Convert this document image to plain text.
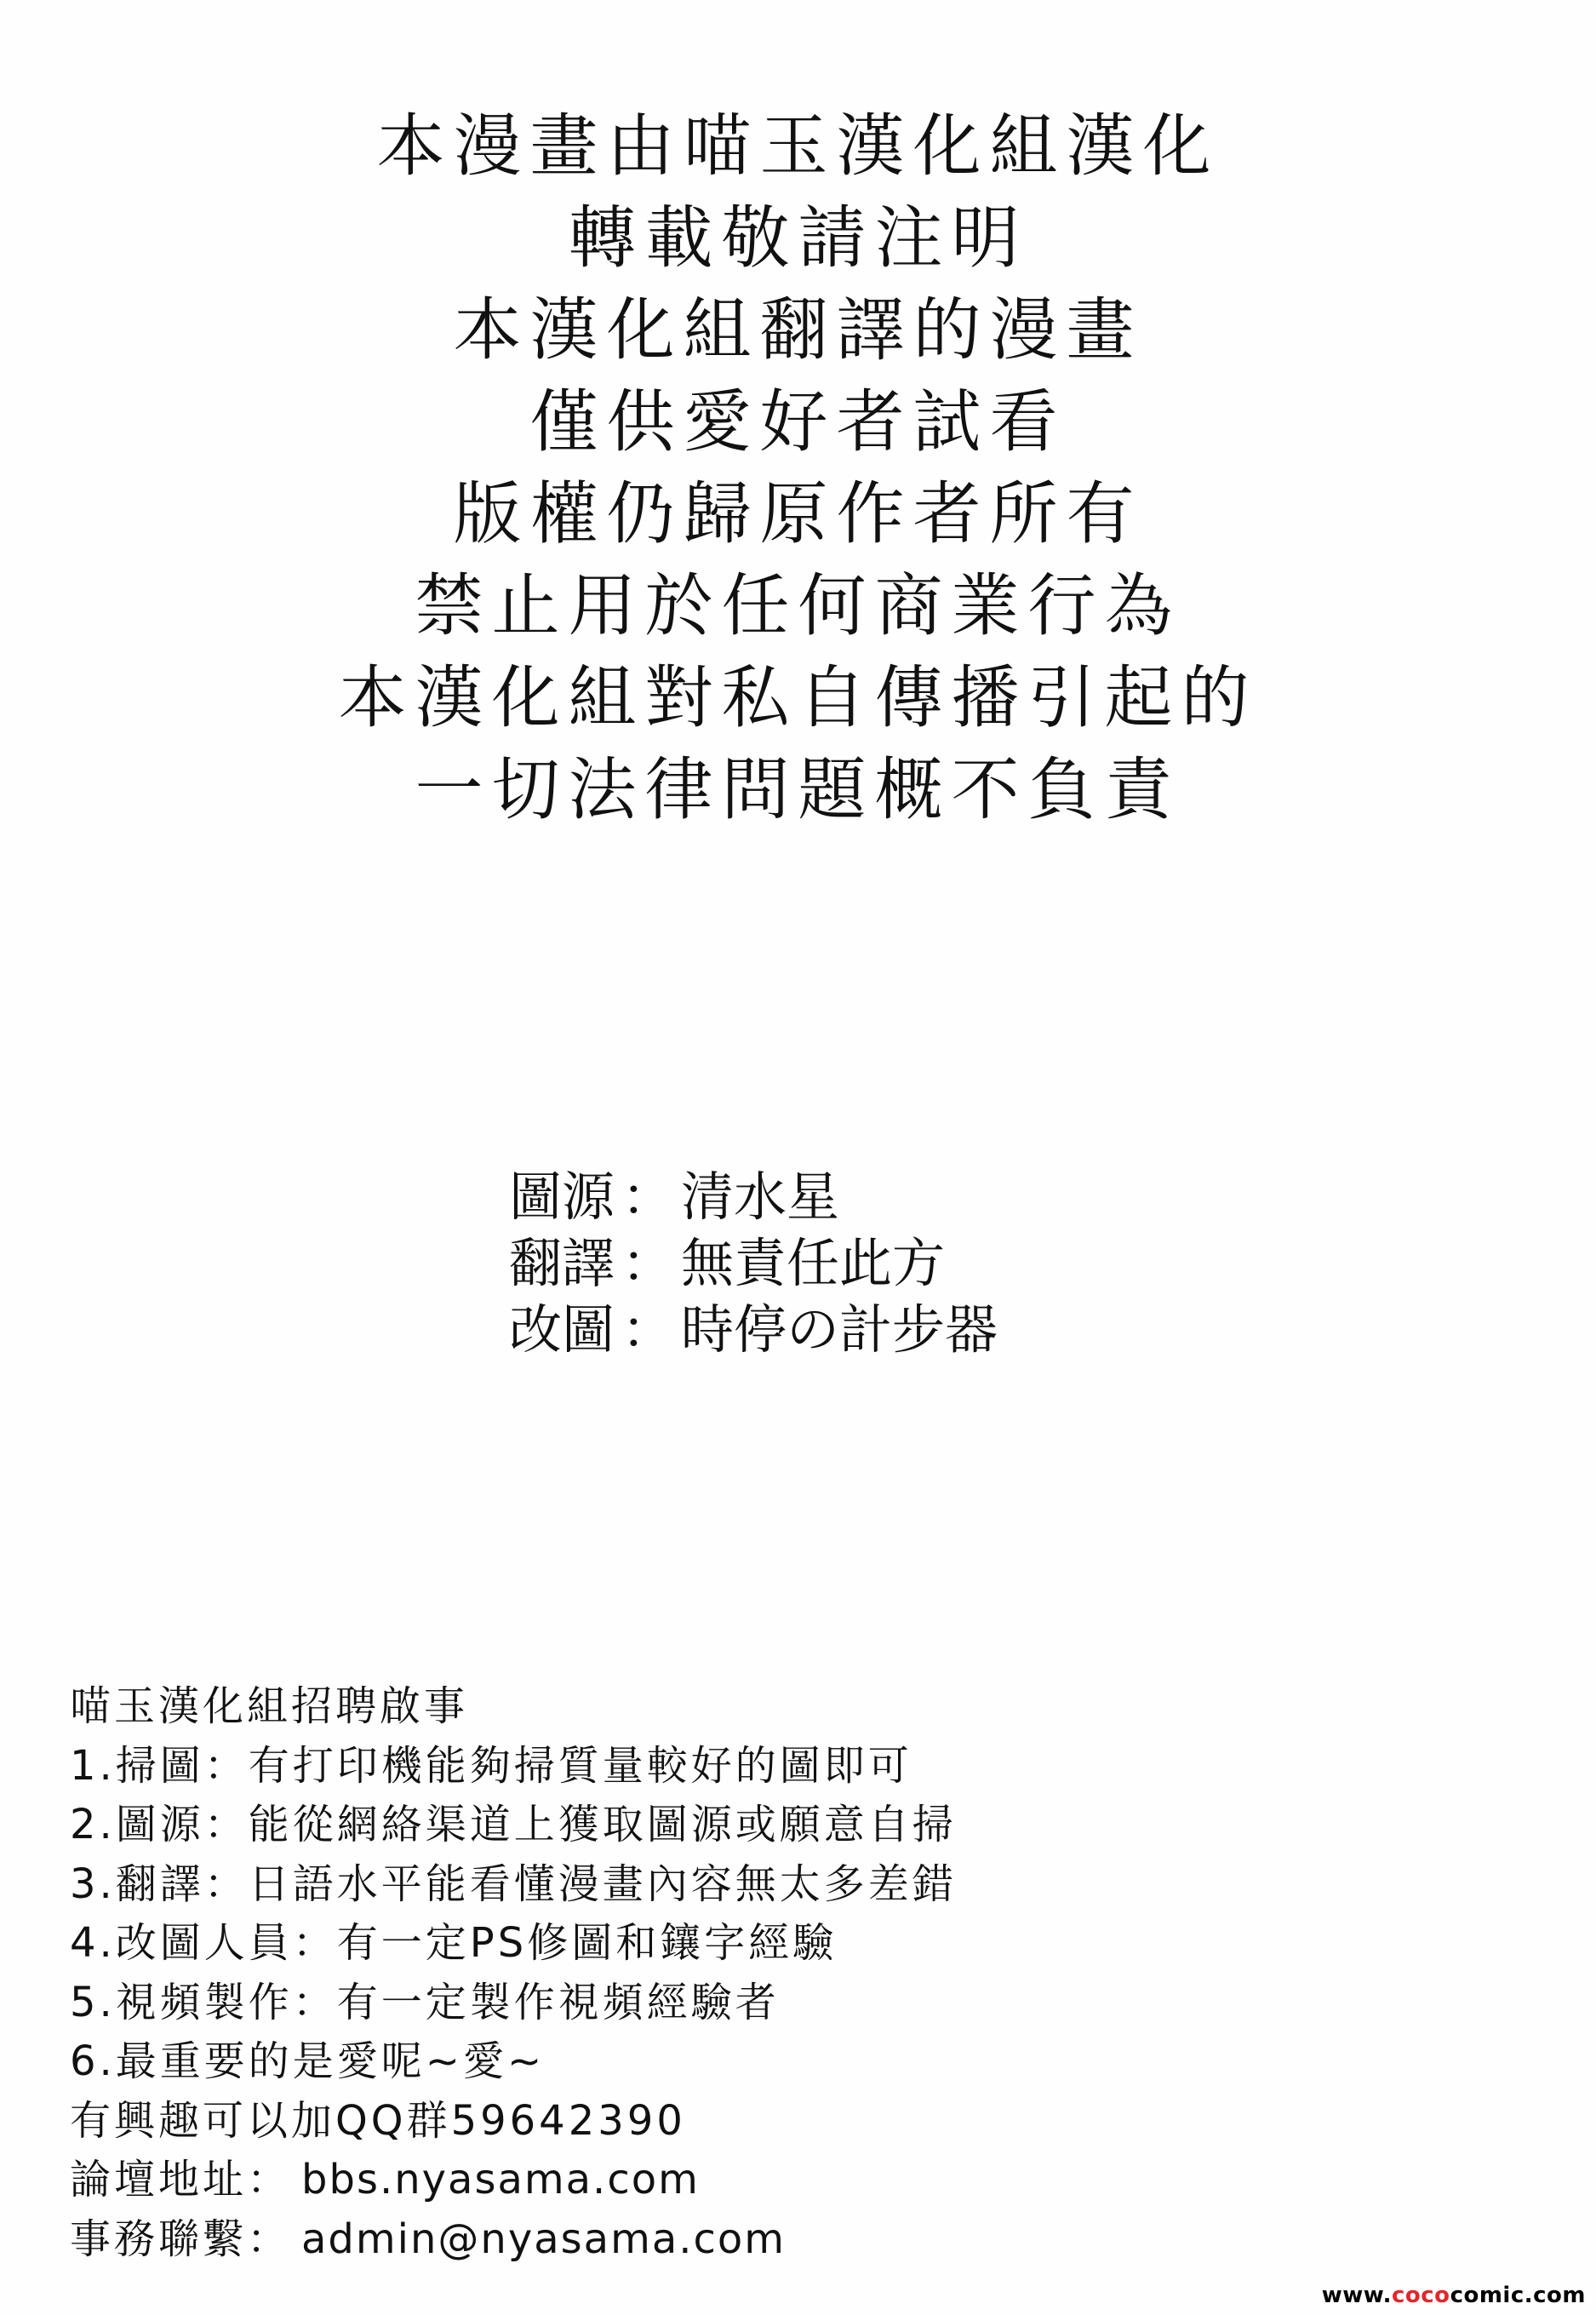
本漫畫由喵玉漢化組漢化
轉載敬請注明
本漢化組翻譯的漫畫
僅供愛好者試看
版權仍歸原作者所有
禁止用於任何商業行為
本漢化組對私自傳播引起的
一切法律問題概不負責
圖源 ： 清水星
翻譯 ： 無責任此方
改圖 ： 時停の計步器
喵玉漢化組招聘啟事
1.掃圖：有打印機能夠掃質量較好的圖即可
2.圖源：能從網絡渠道上獲取圖源或願意自掃
3.翻譯：日語水平能看懂漫畫內容無太多差錯
4.改圖人員：有一定PS修圖和鑲字經驗
5.視頻製作：有一定製作視頻經驗者
6.最重要的是愛呢~愛~
有興趣可以加QQ群59642390
論壇地址： bbs.nyasama.com
事務聯繫： admin@nyasama.com
www.cococomic.com
